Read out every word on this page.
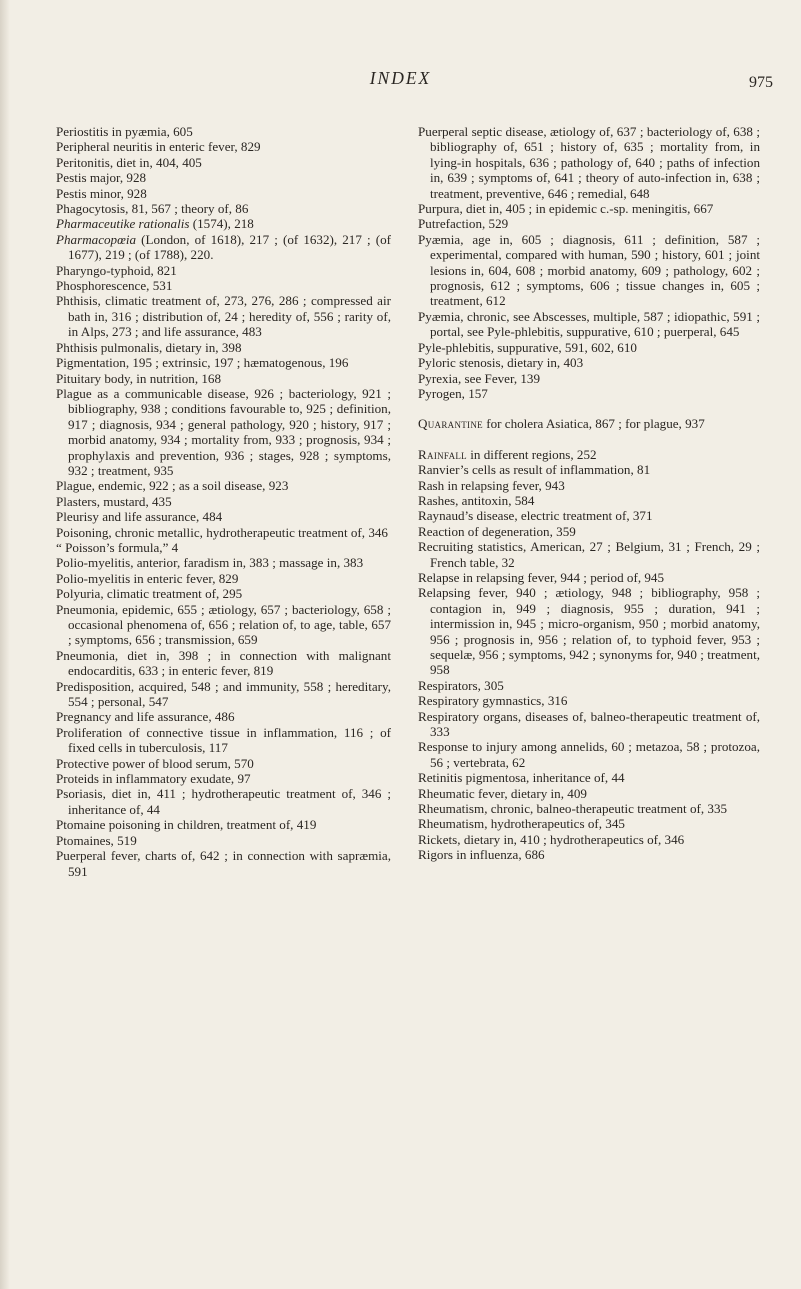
INDEX	975

Periostitis in pyæmia, 605

Peripheral neuritis in enteric fever, 829

Peritonitis, diet in, 404, 405

Pestis major, 928

Pestis minor, 928

Phagocytosis, 81, 567 ; theory of, 86

Pharmaceutike rationalis (1574), 218

Pharmacopœia (London, of 1618), 217 ; (of 1632), 217 ; (of 1677), 219 ; (of 1788), 220.

Pharyngo-typhoid, 821

Phosphorescence, 531

Phthisis, climatic treatment of, 273, 276, 286 ; compressed air bath in, 316 ; distribution of, 24 ; heredity of, 556 ; rarity of, in Alps, 273 ; and life assurance, 483

Phthisis pulmonalis, dietary in, 398

Pigmentation, 195 ; extrinsic, 197 ; hæmatogenous, 196

Pituitary body, in nutrition, 168

Plague as a communicable disease, 926 ; bacteriology, 921 ; bibliography, 938 ; conditions favourable to, 925 ; definition, 917 ; diagnosis, 934 ; general pathology, 920 ; history, 917 ; morbid anatomy, 934 ; mortality from, 933 ; prognosis, 934 ; prophylaxis and prevention, 936 ; stages, 928 ; symptoms, 932 ; treatment, 935

Plague, endemic, 922 ; as a soil disease, 923

Plasters, mustard, 435

Pleurisy and life assurance, 484

Poisoning, chronic metallic, hydrotherapeutic treatment of, 346

“ Poisson’s formula,” 4

Polio-myelitis, anterior, faradism in, 383 ; massage in, 383

Polio-myelitis in enteric fever, 829

Polyuria, climatic treatment of, 295

Pneumonia, epidemic, 655 ; ætiology, 657 ; bacteriology, 658 ; occasional phenomena of, 656 ; relation of, to age, table, 657 ; symptoms, 656 ; transmission, 659

Pneumonia, diet in, 398 ; in connection with malignant endocarditis, 633 ; in enteric fever, 819

Predisposition, acquired, 548 ; and immunity, 558 ; hereditary, 554 ; personal, 547

Pregnancy and life assurance, 486

Proliferation of connective tissue in inflammation, 116 ; of fixed cells in tuberculosis, 117

Protective power of blood serum, 570

Proteids in inflammatory exudate, 97

Psoriasis, diet in, 411 ; hydrotherapeutic treatment of, 346 ; inheritance of, 44

Ptomaine poisoning in children, treatment of, 419

Ptomaines, 519

Puerperal fever, charts of, 642 ; in connection with sapræmia, 591

Puerperal septic disease, ætiology of, 637 ; bacteriology of, 638 ; bibliography of, 651 ; history of, 635 ; mortality from, in lying-in hospitals, 636 ; pathology of, 640 ; paths of infection in, 639 ; symptoms of, 641 ; theory of auto-infection in, 638 ; treatment, preventive, 646 ; remedial, 648

Purpura, diet in, 405 ; in epidemic c.-sp. meningitis, 667

Putrefaction, 529

Pyæmia, age in, 605 ; diagnosis, 611 ; definition, 587 ; experimental, compared with human, 590 ; history, 601 ; joint lesions in, 604, 608 ; morbid anatomy, 609 ; pathology, 602 ; prognosis, 612 ; symptoms, 606 ; tissue changes in, 605 ; treatment, 612

Pyæmia, chronic, see Abscesses, multiple, 587 ; idiopathic, 591 ; portal, see Pyle-phlebitis, suppurative, 610 ; puerperal, 645

Pyle-phlebitis, suppurative, 591, 602, 610

Pyloric stenosis, dietary in, 403

Pyrexia, see Fever, 139

Pyrogen, 157

Quarantine for cholera Asiatica, 867 ; for plague, 937

Rainfall in different regions, 252

Ranvier’s cells as result of inflammation, 81

Rash in relapsing fever, 943

Rashes, antitoxin, 584

Raynaud’s disease, electric treatment of, 371

Reaction of degeneration, 359

Recruiting statistics, American, 27 ; Belgium, 31 ; French, 29 ; French table, 32

Relapse in relapsing fever, 944 ; period of, 945

Relapsing fever, 940 ; ætiology, 948 ; bibliography, 958 ; contagion in, 949 ; diagnosis, 955 ; duration, 941 ; intermission in, 945 ; micro-organism, 950 ; morbid anatomy, 956 ; prognosis in, 956 ; relation of, to typhoid fever, 953 ; sequelæ, 956 ; symptoms, 942 ; synonyms for, 940 ; treatment, 958

Respirators, 305

Respiratory gymnastics, 316

Respiratory organs, diseases of, balneo-therapeutic treatment of, 333

Response to injury among annelids, 60 ; metazoa, 58 ; protozoa, 56 ; vertebrata, 62

Retinitis pigmentosa, inheritance of, 44

Rheumatic fever, dietary in, 409

Rheumatism, chronic, balneo-therapeutic treatment of, 335

Rheumatism, hydrotherapeutics of, 345

Rickets, dietary in, 410 ; hydrotherapeutics of, 346

Rigors in influenza, 686
